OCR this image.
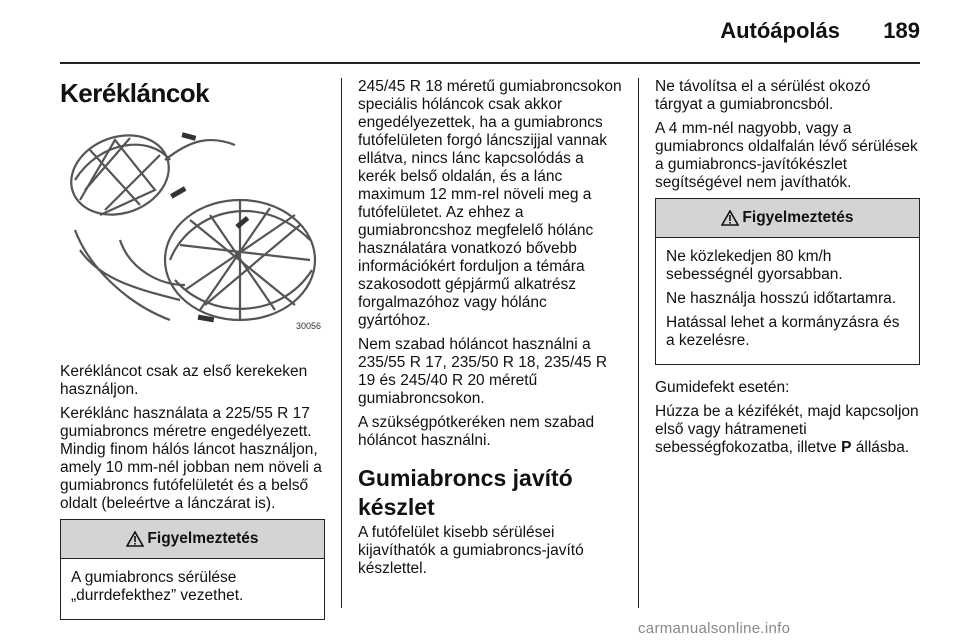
Autóápolás 189
Kerékláncok
30056

Kerékláncot csak az első kerekeken használjon.

Keréklánc használata a 225/55 R 17 gumiabroncs méretre engedélyezett. Mindig finom hálós láncot használjon, amely 10 mm-nél jobban nem növeli a gumiabroncs futófelületét és a belső oldalt (beleértve a lánczárat is).

Figyelmeztetés

A gumiabroncs sérülése „durrdefekthez” vezethet.

245/45 R 18 méretű gumiabroncsokon speciális hóláncok csak akkor engedélyezettek, ha a gumiabroncs futófelületen forgó láncszijjal vannak ellátva, nincs lánc kapcsolódás a kerék belső oldalán, és a lánc maximum 12 mm-rel növeli meg a futófelületet. Az ehhez a gumiabroncshoz megfelelő hólánc használatára vonatkozó bővebb információkért forduljon a témára szakosodott gépjármű alkatrész forgalmazóhoz vagy hólánc gyártóhoz.

Nem szabad hóláncot használni a 235/55 R 17, 235/50 R 18, 235/45 R 19 és 245/40 R 20 méretű gumiabroncsokon.

A szükségpótkeréken nem szabad hóláncot használni.

Gumiabroncs javító készlet

A futófelület kisebb sérülései kijavíthatók a gumiabroncs-javító készlettel.

Ne távolítsa el a sérülést okozó tárgyat a gumiabroncsból.

A 4 mm-nél nagyobb, vagy a gumiabroncs oldalfalán lévő sérülések a gumiabroncs-javítókészlet segítségével nem javíthatók.

Figyelmeztetés

Ne közlekedjen 80 km/h sebességnél gyorsabban.

Ne használja hosszú időtartamra.

Hatással lehet a kormányzásra és a kezelésre.

Gumidefekt esetén:

Húzza be a kézifékét, majd kapcsoljon első vagy hátrameneti sebességfokozatba, illetve P állásba.

carmanualsonline.info
